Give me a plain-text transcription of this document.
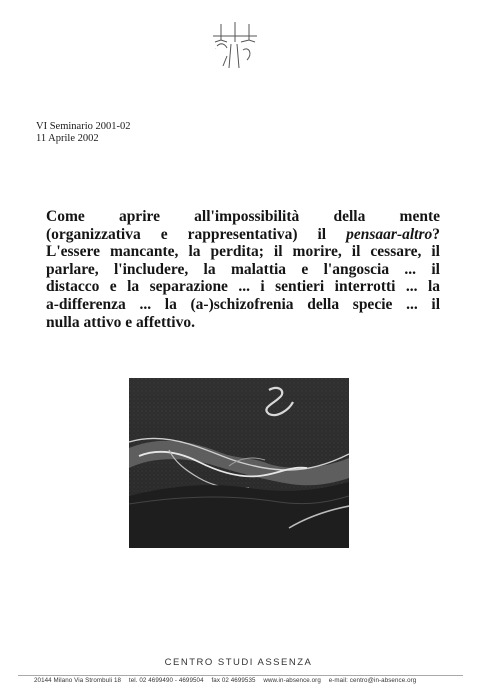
·
VI Seminario 2001-02
11 Aprile 2002
Come aprire all'impossibilità della mente
(organizzativa e rappresentativa) il pensaar-altro?
L'essere mancante, la perdita; il morire, il cessare, il
parlare, l'includere, la malattia e l'angoscia ... il
distacco e la separazione ... i sentieri interrotti ... la
a-differenza ... la (a-)schizofrenia della specie ... il
nulla attivo e affettivo.
CENTRO STUDI ASSENZA
20144 Milano Via Strombuli 18 tel. 02 4699490 - 4699504 fax 02 4699535 www.in-absence.org e-mail: centro@in-absence.org
